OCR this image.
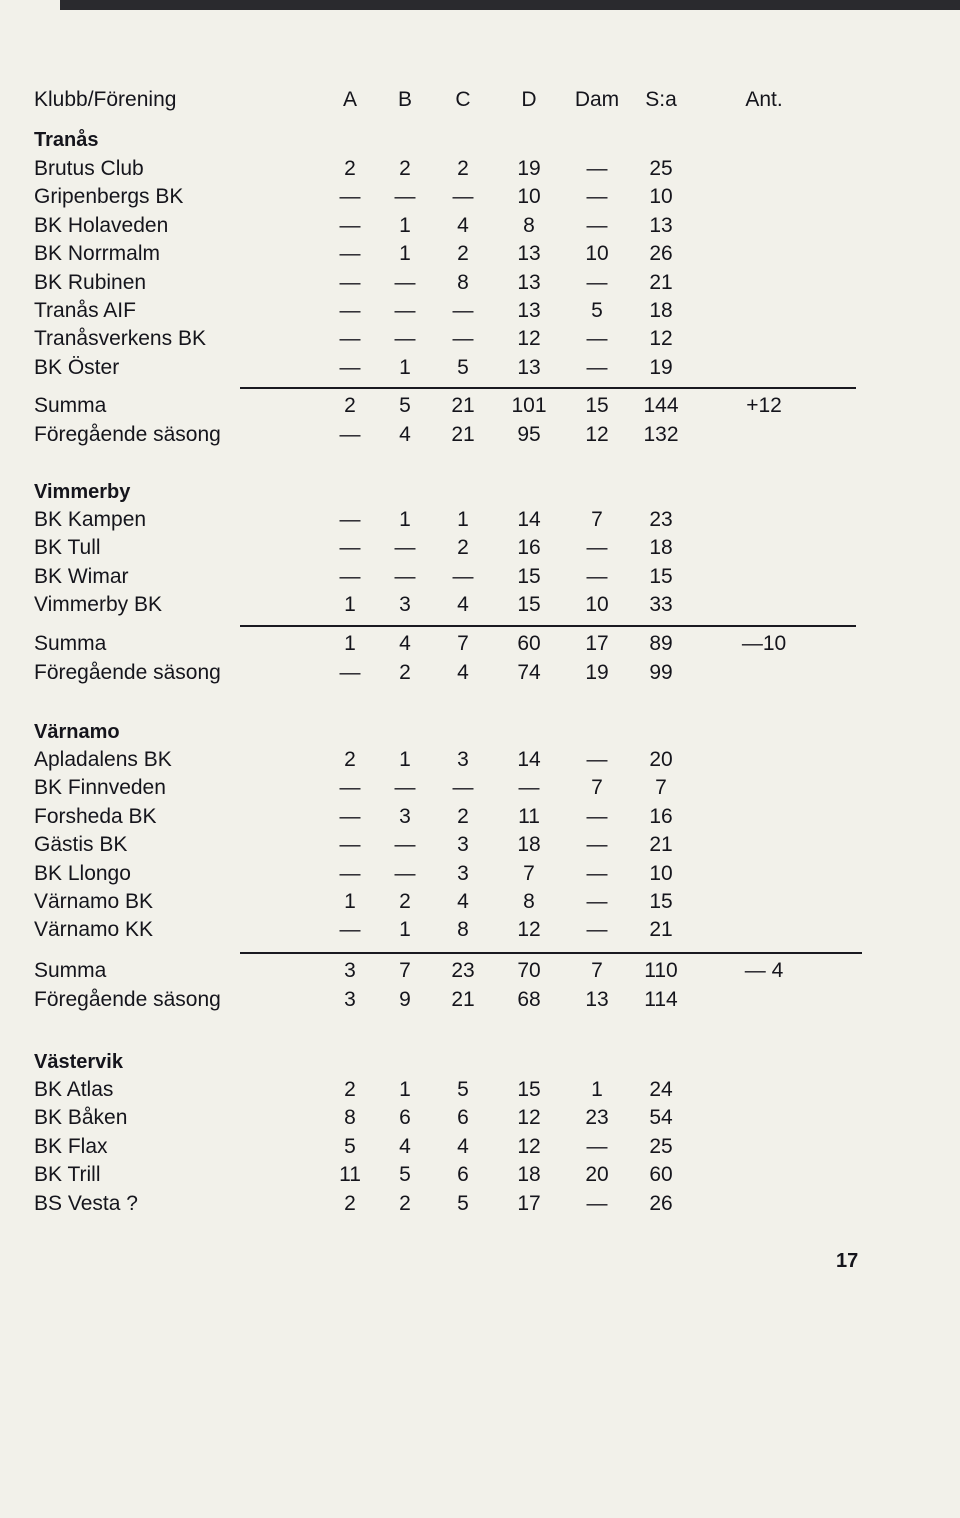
Klubb/Förening	A	B	C	D	Dam	S:a	Ant.
Tranås
Brutus Club	2	2	2	19	—	25
Gripenbergs BK	—	—	—	10	—	10
BK Holaveden	—	1	4	8	—	13
BK Norrmalm	—	1	2	13	10	26
BK Rubinen	—	—	8	13	—	21
Tranås AIF	—	—	—	13	5	18
Tranåsverkens BK	—	—	—	12	—	12
BK Öster	—	1	5	13	—	19
Summa	2	5	21	101	15	144	+12
Föregående säsong	—	4	21	95	12	132
Vimmerby
BK Kampen	—	1	1	14	7	23
BK Tull	—	—	2	16	—	18
BK Wimar	—	—	—	15	—	15
Vimmerby BK	1	3	4	15	10	33
Summa	1	4	7	60	17	89	—10
Föregående säsong	—	2	4	74	19	99
Värnamo
Apladalens BK	2	1	3	14	—	20
BK Finnveden	—	—	—	—	7	7
Forsheda BK	—	3	2	11	—	16
Gästis BK	—	—	3	18	—	21
BK Llongo	—	—	3	7	—	10
Värnamo BK	1	2	4	8	—	15
Värnamo KK	—	1	8	12	—	21
Summa	3	7	23	70	7	110	— 4
Föregående säsong	3	9	21	68	13	114
Västervik
BK Atlas	2	1	5	15	1	24
BK Båken	8	6	6	12	23	54
BK Flax	5	4	4	12	—	25
BK Trill	11	5	6	18	20	60
BS Vesta ?	2	2	5	17	—	26
17
